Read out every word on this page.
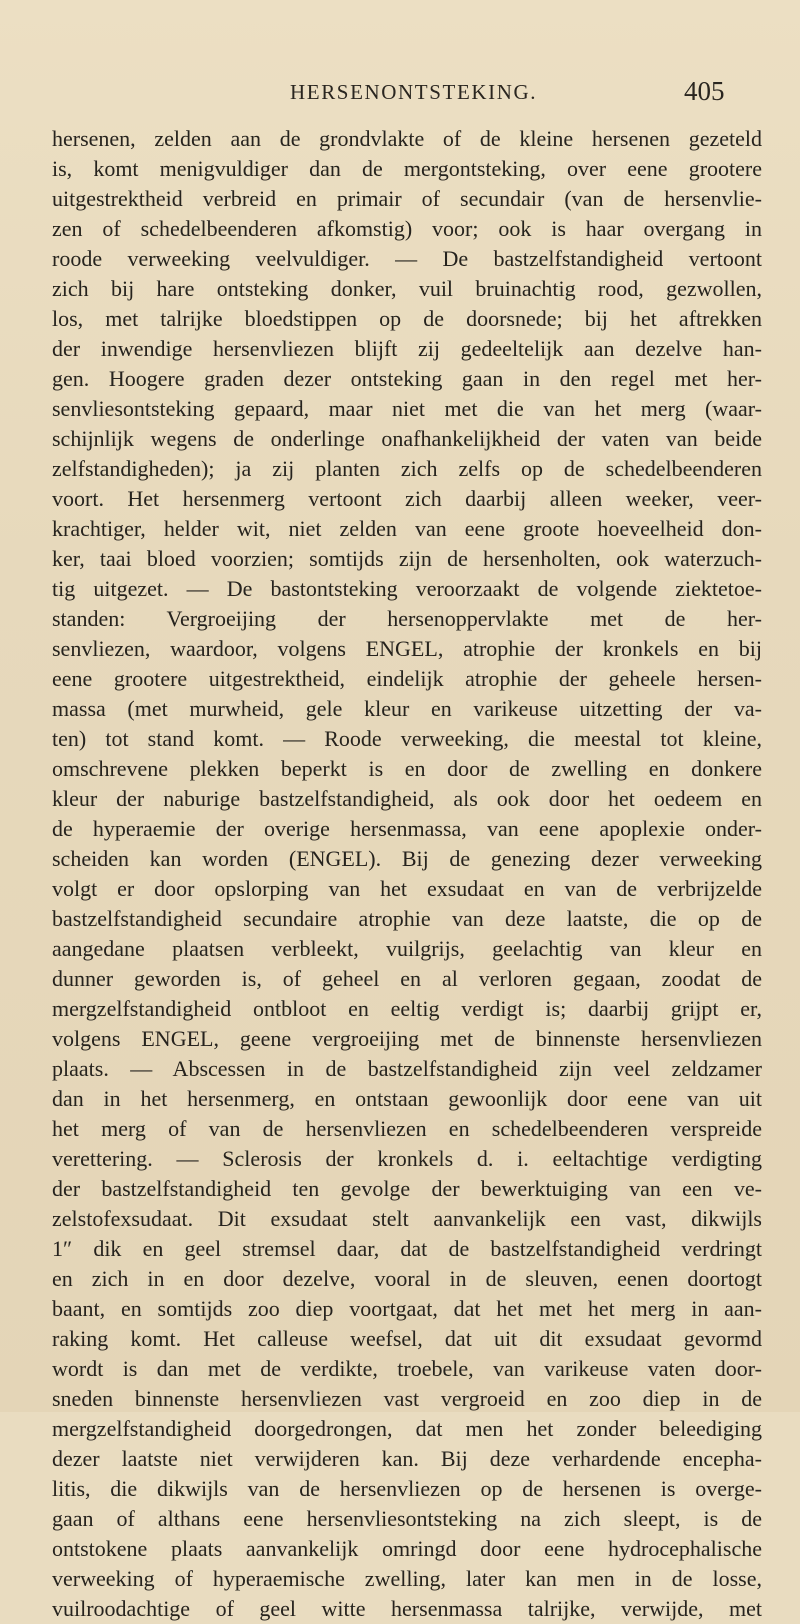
HERSENONTSTEKING.	405
hersenen, zelden aan de grondvlakte of de kleine hersenen gezeteld
is, komt menigvuldiger dan de mergontsteking, over eene grootere
uitgestrektheid verbreid en primair of secundair (van de hersenvlie-
zen of schedelbeenderen afkomstig) voor; ook is haar overgang in
roode verweeking veelvuldiger. — De bastzelfstandigheid vertoont
zich bij hare ontsteking donker, vuil bruinachtig rood, gezwollen,
los, met talrijke bloedstippen op de doorsnede; bij het aftrekken
der inwendige hersenvliezen blijft zij gedeeltelijk aan dezelve han-
gen. Hoogere graden dezer ontsteking gaan in den regel met her-
senvliesontsteking gepaard, maar niet met die van het merg (waar-
schijnlijk wegens de onderlinge onafhankelijkheid der vaten van beide
zelfstandigheden); ja zij planten zich zelfs op de schedelbeenderen
voort. Het hersenmerg vertoont zich daarbij alleen weeker, veer-
krachtiger, helder wit, niet zelden van eene groote hoeveelheid don-
ker, taai bloed voorzien; somtijds zijn de hersenholten, ook waterzuch-
tig uitgezet. — De bastontsteking veroorzaakt de volgende ziektetoe-
standen: Vergroeijing der hersenoppervlakte met de her-
senvliezen, waardoor, volgens ENGEL, atrophie der kronkels en bij
eene grootere uitgestrektheid, eindelijk atrophie der geheele hersen-
massa (met murwheid, gele kleur en varikeuse uitzetting der va-
ten) tot stand komt. — Roode verweeking, die meestal tot kleine,
omschrevene plekken beperkt is en door de zwelling en donkere
kleur der naburige bastzelfstandigheid, als ook door het oedeem en
de hyperaemie der overige hersenmassa, van eene apoplexie onder-
scheiden kan worden (ENGEL). Bij de genezing dezer verweeking
volgt er door opslorping van het exsudaat en van de verbrijzelde
bastzelfstandigheid secundaire atrophie van deze laatste, die op de
aangedane plaatsen verbleekt, vuilgrijs, geelachtig van kleur en
dunner geworden is, of geheel en al verloren gegaan, zoodat de
mergzelfstandigheid ontbloot en eeltig verdigt is; daarbij grijpt er,
volgens ENGEL, geene vergroeijing met de binnenste hersenvliezen
plaats. — Abscessen in de bastzelfstandigheid zijn veel zeldzamer
dan in het hersenmerg, en ontstaan gewoonlijk door eene van uit
het merg of van de hersenvliezen en schedelbeenderen verspreide
verettering. — Sclerosis der kronkels d. i. eeltachtige verdigting
der bastzelfstandigheid ten gevolge der bewerktuiging van een ve-
zelstofexsudaat. Dit exsudaat stelt aanvankelijk een vast, dikwijls
1″ dik en geel stremsel daar, dat de bastzelfstandigheid verdringt
en zich in en door dezelve, vooral in de sleuven, eenen doortogt
baant, en somtijds zoo diep voortgaat, dat het met het merg in aan-
raking komt. Het calleuse weefsel, dat uit dit exsudaat gevormd
wordt is dan met de verdikte, troebele, van varikeuse vaten door-
sneden binnenste hersenvliezen vast vergroeid en zoo diep in de
mergzelfstandigheid doorgedrongen, dat men het zonder beleediging
dezer laatste niet verwijderen kan. Bij deze verhardende encepha-
litis, die dikwijls van de hersenvliezen op de hersenen is overge-
gaan of althans eene hersenvliesontsteking na zich sleept, is de
ontstokene plaats aanvankelijk omringd door eene hydrocephalische
verweeking of hyperaemische zwelling, later kan men in de losse,
vuilroodachtige of geel witte hersenmassa talrijke, verwijde, met
